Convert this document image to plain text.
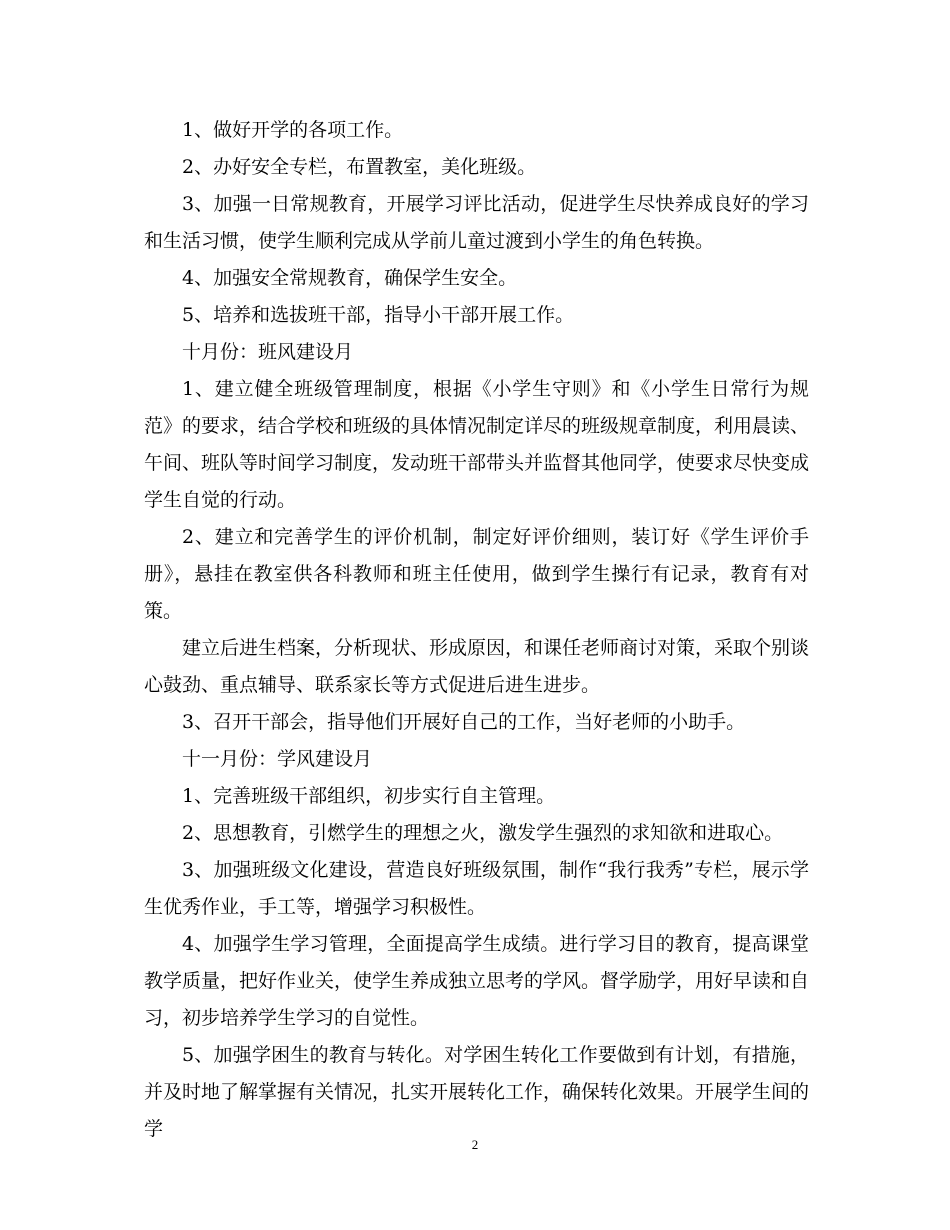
1、做好开学的各项工作。

2、办好安全专栏，布置教室，美化班级。

3、加强一日常规教育，开展学习评比活动，促进学生尽快养成良好的学习和生活习惯，使学生顺利完成从学前儿童过渡到小学生的角色转换。

4、加强安全常规教育，确保学生安全。

5、培养和选拔班干部，指导小干部开展工作。

十月份：班风建设月

1、建立健全班级管理制度，根据《小学生守则》和《小学生日常行为规范》的要求，结合学校和班级的具体情况制定详尽的班级规章制度，利用晨读、午间、班队等时间学习制度，发动班干部带头并监督其他同学，使要求尽快变成学生自觉的行动。

2、建立和完善学生的评价机制，制定好评价细则，装订好《学生评价手册》，悬挂在教室供各科教师和班主任使用，做到学生操行有记录，教育有对策。

建立后进生档案，分析现状、形成原因，和课任老师商讨对策，采取个别谈心鼓劲、重点辅导、联系家长等方式促进后进生进步。

3、召开干部会，指导他们开展好自己的工作，当好老师的小助手。

十一月份：学风建设月

1、完善班级干部组织，初步实行自主管理。

2、思想教育，引燃学生的理想之火，激发学生强烈的求知欲和进取心。

3、加强班级文化建设，营造良好班级氛围，制作“我行我秀”专栏，展示学生优秀作业，手工等，增强学习积极性。

4、加强学生学习管理，全面提高学生成绩。进行学习目的教育，提高课堂教学质量，把好作业关，使学生养成独立思考的学风。督学励学，用好早读和自习，初步培养学生学习的自觉性。

5、加强学困生的教育与转化。对学困生转化工作要做到有计划，有措施，并及时地了解掌握有关情况，扎实开展转化工作，确保转化效果。开展学生间的学

2
